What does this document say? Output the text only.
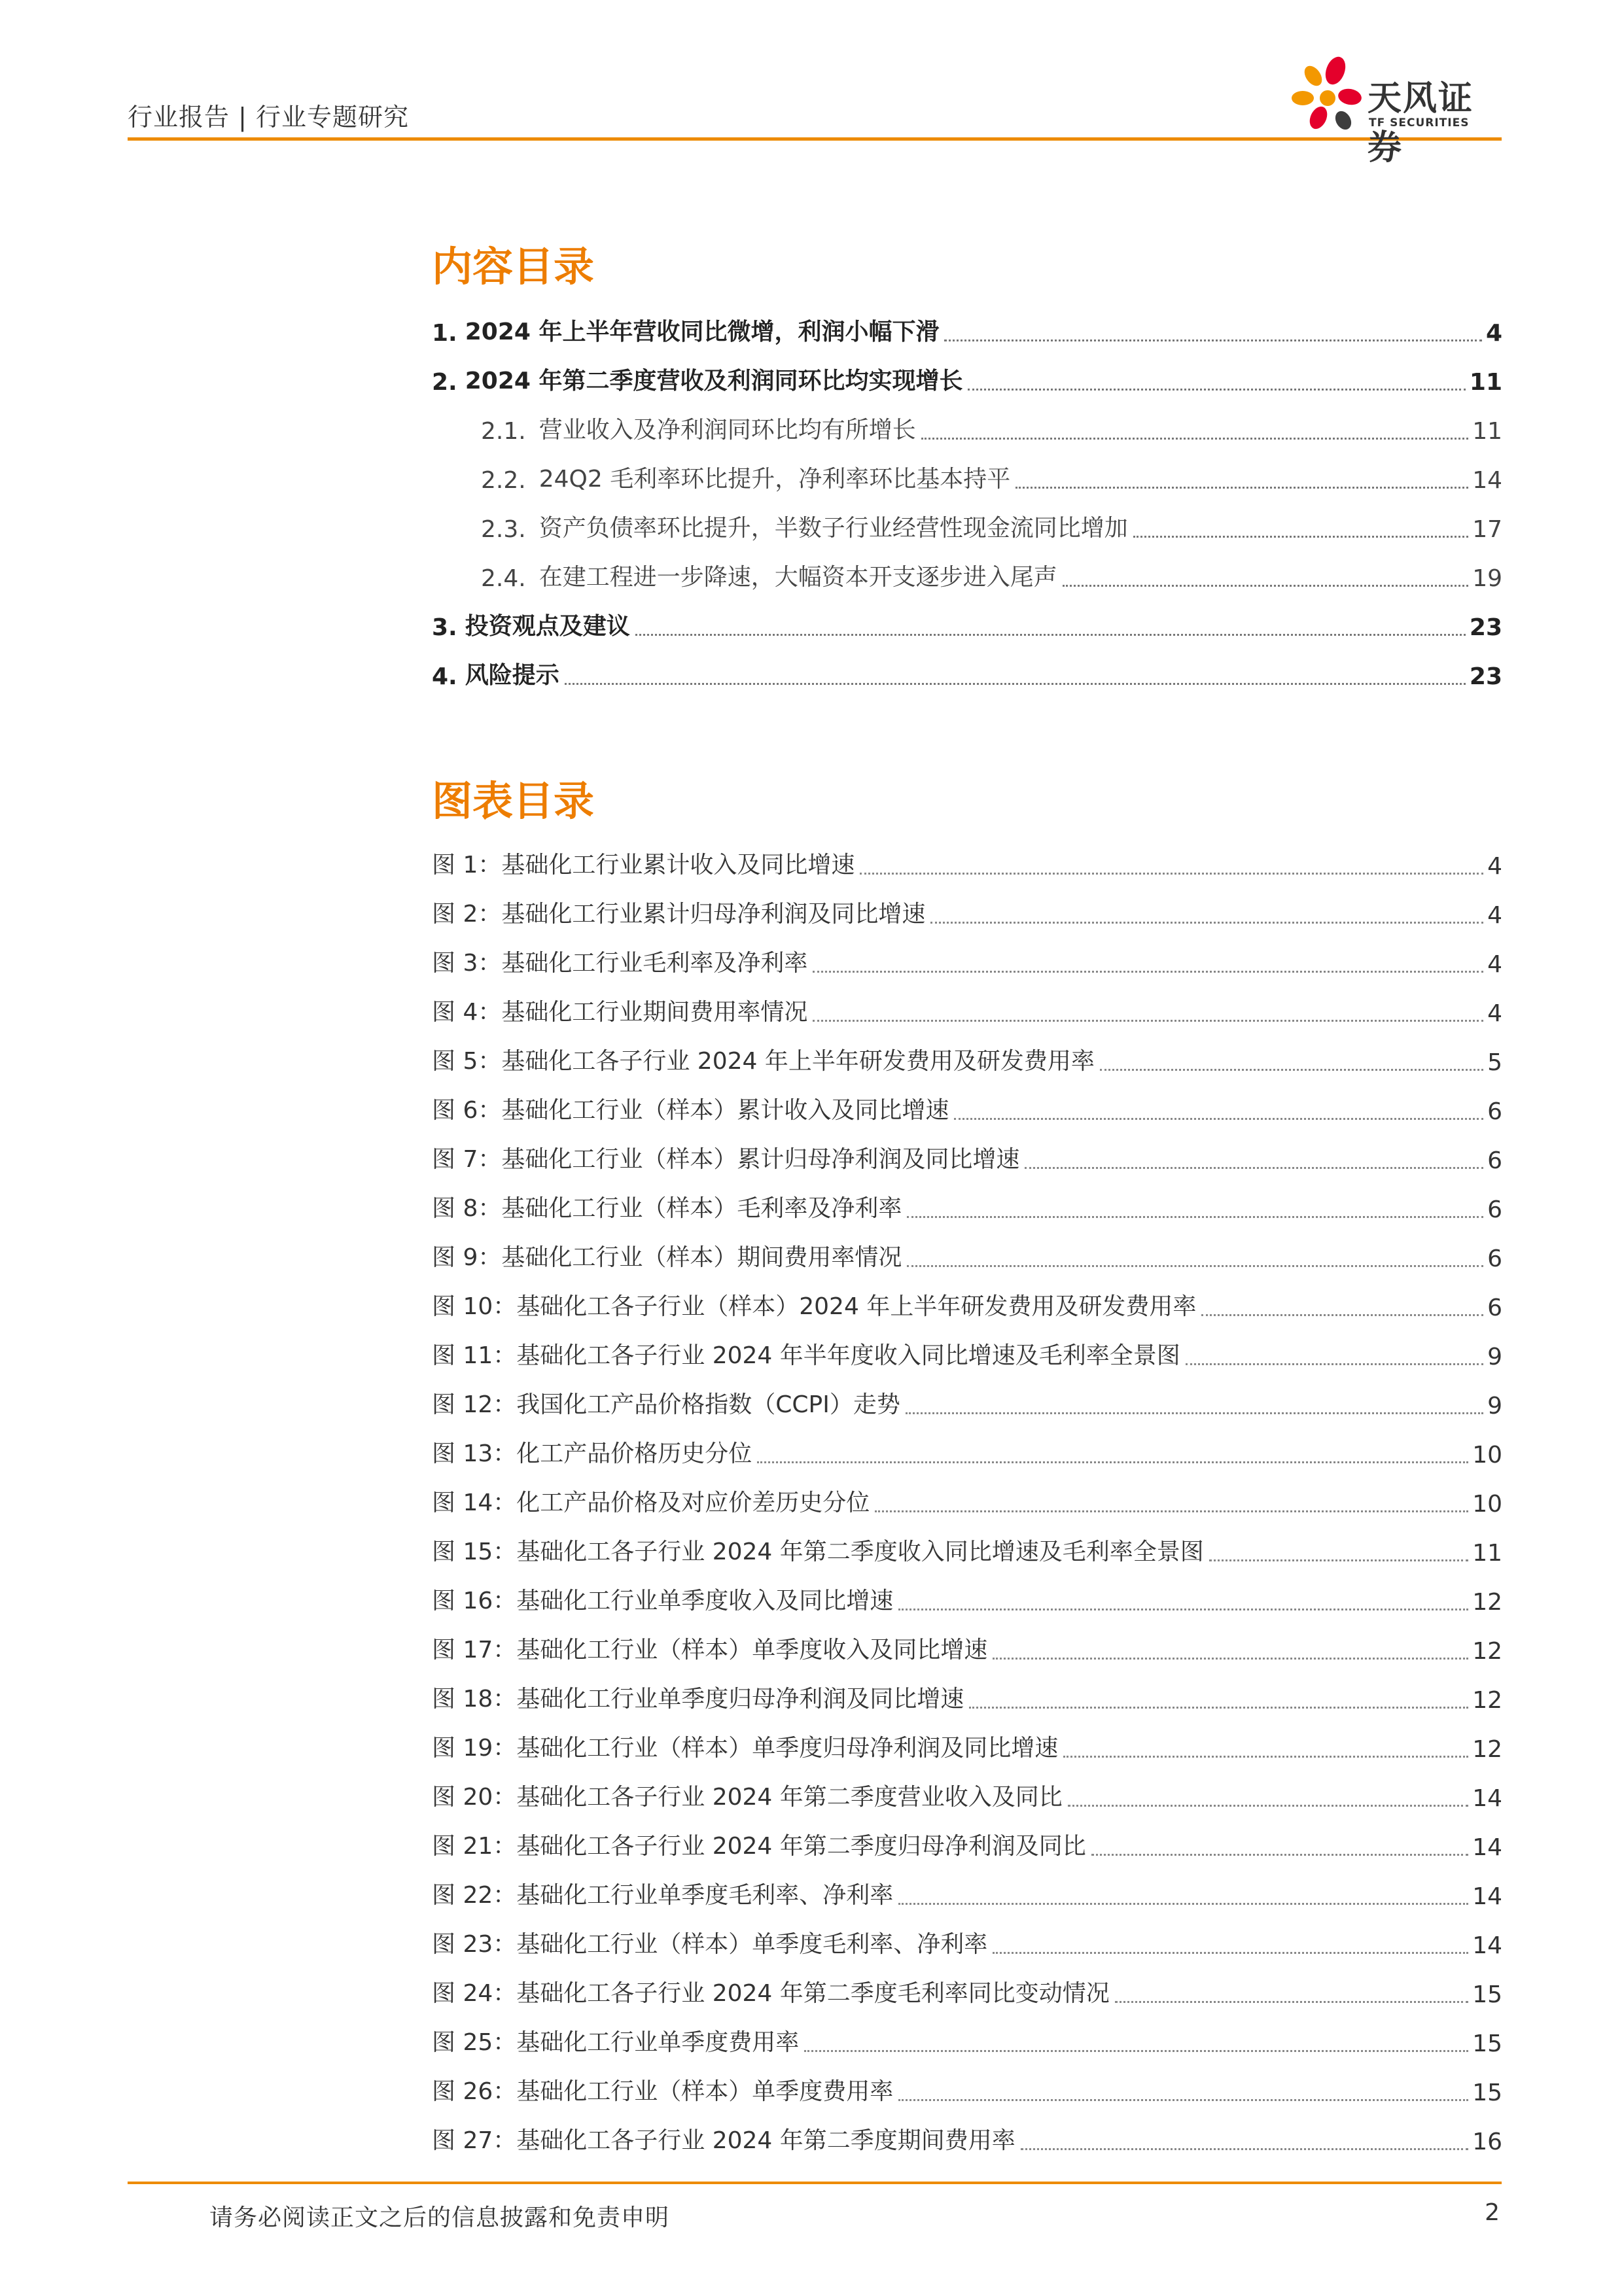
行业报告 | 行业专题研究	天风证券
TF SECURITIES
内容目录
1. 2024 年上半年营收同比微增，利润小幅下滑	4
2. 2024 年第二季度营收及利润同环比均实现增长	11
2.1. 营业收入及净利润同环比均有所增长	11
2.2. 24Q2 毛利率环比提升，净利率环比基本持平	14
2.3. 资产负债率环比提升，半数子行业经营性现金流同比增加	17
2.4. 在建工程进一步降速，大幅资本开支逐步进入尾声	19
3. 投资观点及建议	23
4. 风险提示	23
图表目录
图 1：基础化工行业累计收入及同比增速	4
图 2：基础化工行业累计归母净利润及同比增速	4
图 3：基础化工行业毛利率及净利率	4
图 4：基础化工行业期间费用率情况	4
图 5：基础化工各子行业 2024 年上半年研发费用及研发费用率	5
图 6：基础化工行业（样本）累计收入及同比增速	6
图 7：基础化工行业（样本）累计归母净利润及同比增速	6
图 8：基础化工行业（样本）毛利率及净利率	6
图 9：基础化工行业（样本）期间费用率情况	6
图 10：基础化工各子行业（样本）2024 年上半年研发费用及研发费用率	6
图 11：基础化工各子行业 2024 年半年度收入同比增速及毛利率全景图	9
图 12：我国化工产品价格指数（CCPI）走势	9
图 13：化工产品价格历史分位	10
图 14：化工产品价格及对应价差历史分位	10
图 15：基础化工各子行业 2024 年第二季度收入同比增速及毛利率全景图	11
图 16：基础化工行业单季度收入及同比增速	12
图 17：基础化工行业（样本）单季度收入及同比增速	12
图 18：基础化工行业单季度归母净利润及同比增速	12
图 19：基础化工行业（样本）单季度归母净利润及同比增速	12
图 20：基础化工各子行业 2024 年第二季度营业收入及同比	14
图 21：基础化工各子行业 2024 年第二季度归母净利润及同比	14
图 22：基础化工行业单季度毛利率、净利率	14
图 23：基础化工行业（样本）单季度毛利率、净利率	14
图 24：基础化工各子行业 2024 年第二季度毛利率同比变动情况	15
图 25：基础化工行业单季度费用率	15
图 26：基础化工行业（样本）单季度费用率	15
图 27：基础化工各子行业 2024 年第二季度期间费用率	16
请务必阅读正文之后的信息披露和免责申明	2
